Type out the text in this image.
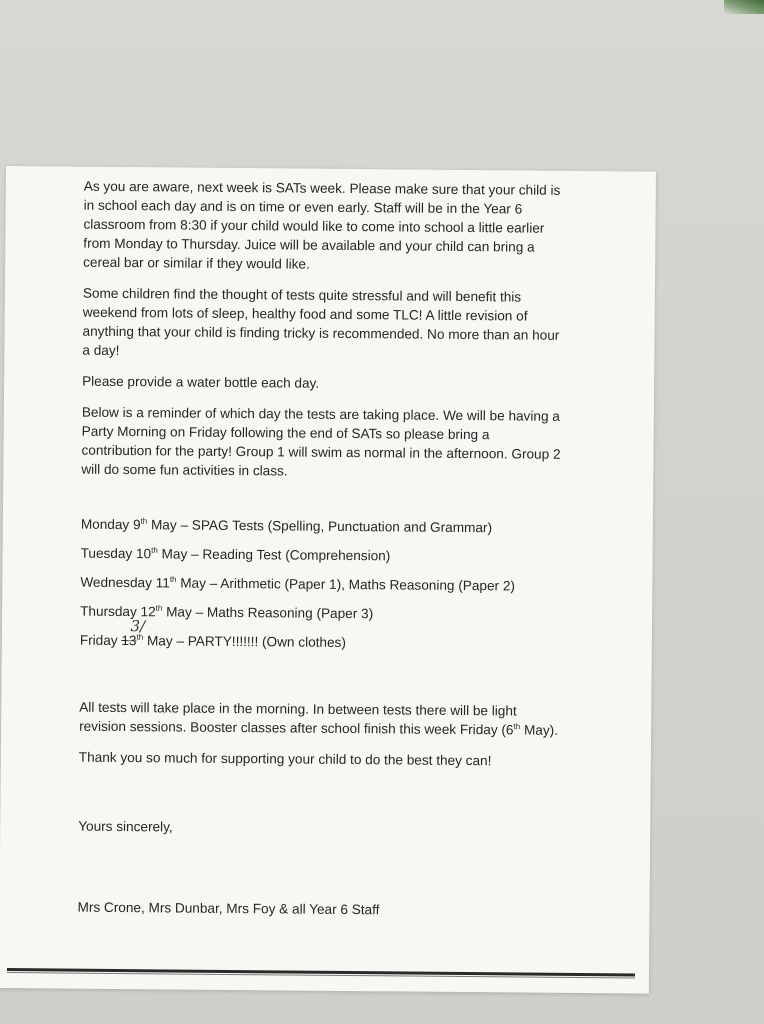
As you are aware, next week is SATs week. Please make sure that your child is in school each day and is on time or even early. Staff will be in the Year 6 classroom from 8:30 if your child would like to come into school a little earlier from Monday to Thursday. Juice will be available and your child can bring a cereal bar or similar if they would like.

Some children find the thought of tests quite stressful and will benefit this weekend from lots of sleep, healthy food and some TLC! A little revision of anything that your child is finding tricky is recommended. No more than an hour a day!

Please provide a water bottle each day.

Below is a reminder of which day the tests are taking place. We will be having a Party Morning on Friday following the end of SATs so please bring a contribution for the party! Group 1 will swim as normal in the afternoon. Group 2 will do some fun activities in class.

Monday 9th May – SPAG Tests (Spelling, Punctuation and Grammar)

Tuesday 10th May – Reading Test (Comprehension)

Wednesday 11th May – Arithmetic (Paper 1), Maths Reasoning (Paper 2)

Thursday 12th May – Maths Reasoning (Paper 3)

Friday 13
3/
$^{th}$ May – PARTY!!!!!!! (Own clothes)

All tests will take place in the morning. In between tests there will be light revision sessions. Booster classes after school finish this week Friday (6th May).

Thank you so much for supporting your child to do the best they can!

Yours sincerely,

Mrs Crone, Mrs Dunbar, Mrs Foy & all Year 6 Staff
